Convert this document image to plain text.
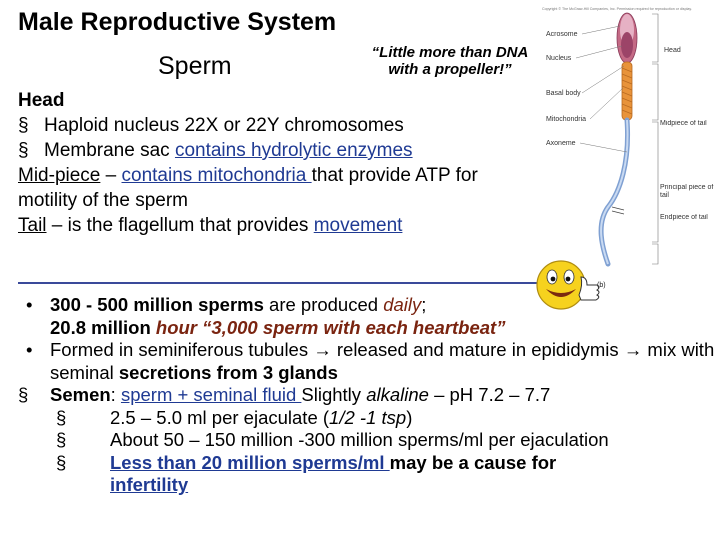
Male Reproductive System
Sperm	“Little more than DNA with a propeller!”
Head
§ Haploid nucleus 22X or 22Y chromosomes
§ Membrane sac contains hydrolytic enzymes
Mid-piece – contains mitochondria that provide ATP for motility of the sperm
Tail – is the flagellum that provides movement
• 300 - 500 million sperms are produced daily;
20.8 million hour “3,000 sperm with each heartbeat”
• Formed in seminiferous tubules → released and mature in epididymis → mix with seminal secretions from 3 glands
§ Semen: sperm + seminal fluid Slightly alkaline – pH 7.2 – 7.7
§ 2.5 – 5.0 ml per ejaculate (1/2 -1 tsp)
§ About 50 – 150 million -300 million sperms/ml per ejaculation
§ Less than 20 million sperms/ml may be a cause for
infertility
Copyright © The McGraw-Hill Companies, Inc. Permission required for reproduction or display.
Acrosome
Nucleus
Basal body
Mitochondria
Axoneme
Head
Midpiece of tail
Principal piece of tail
Endpiece of tail
(b)
